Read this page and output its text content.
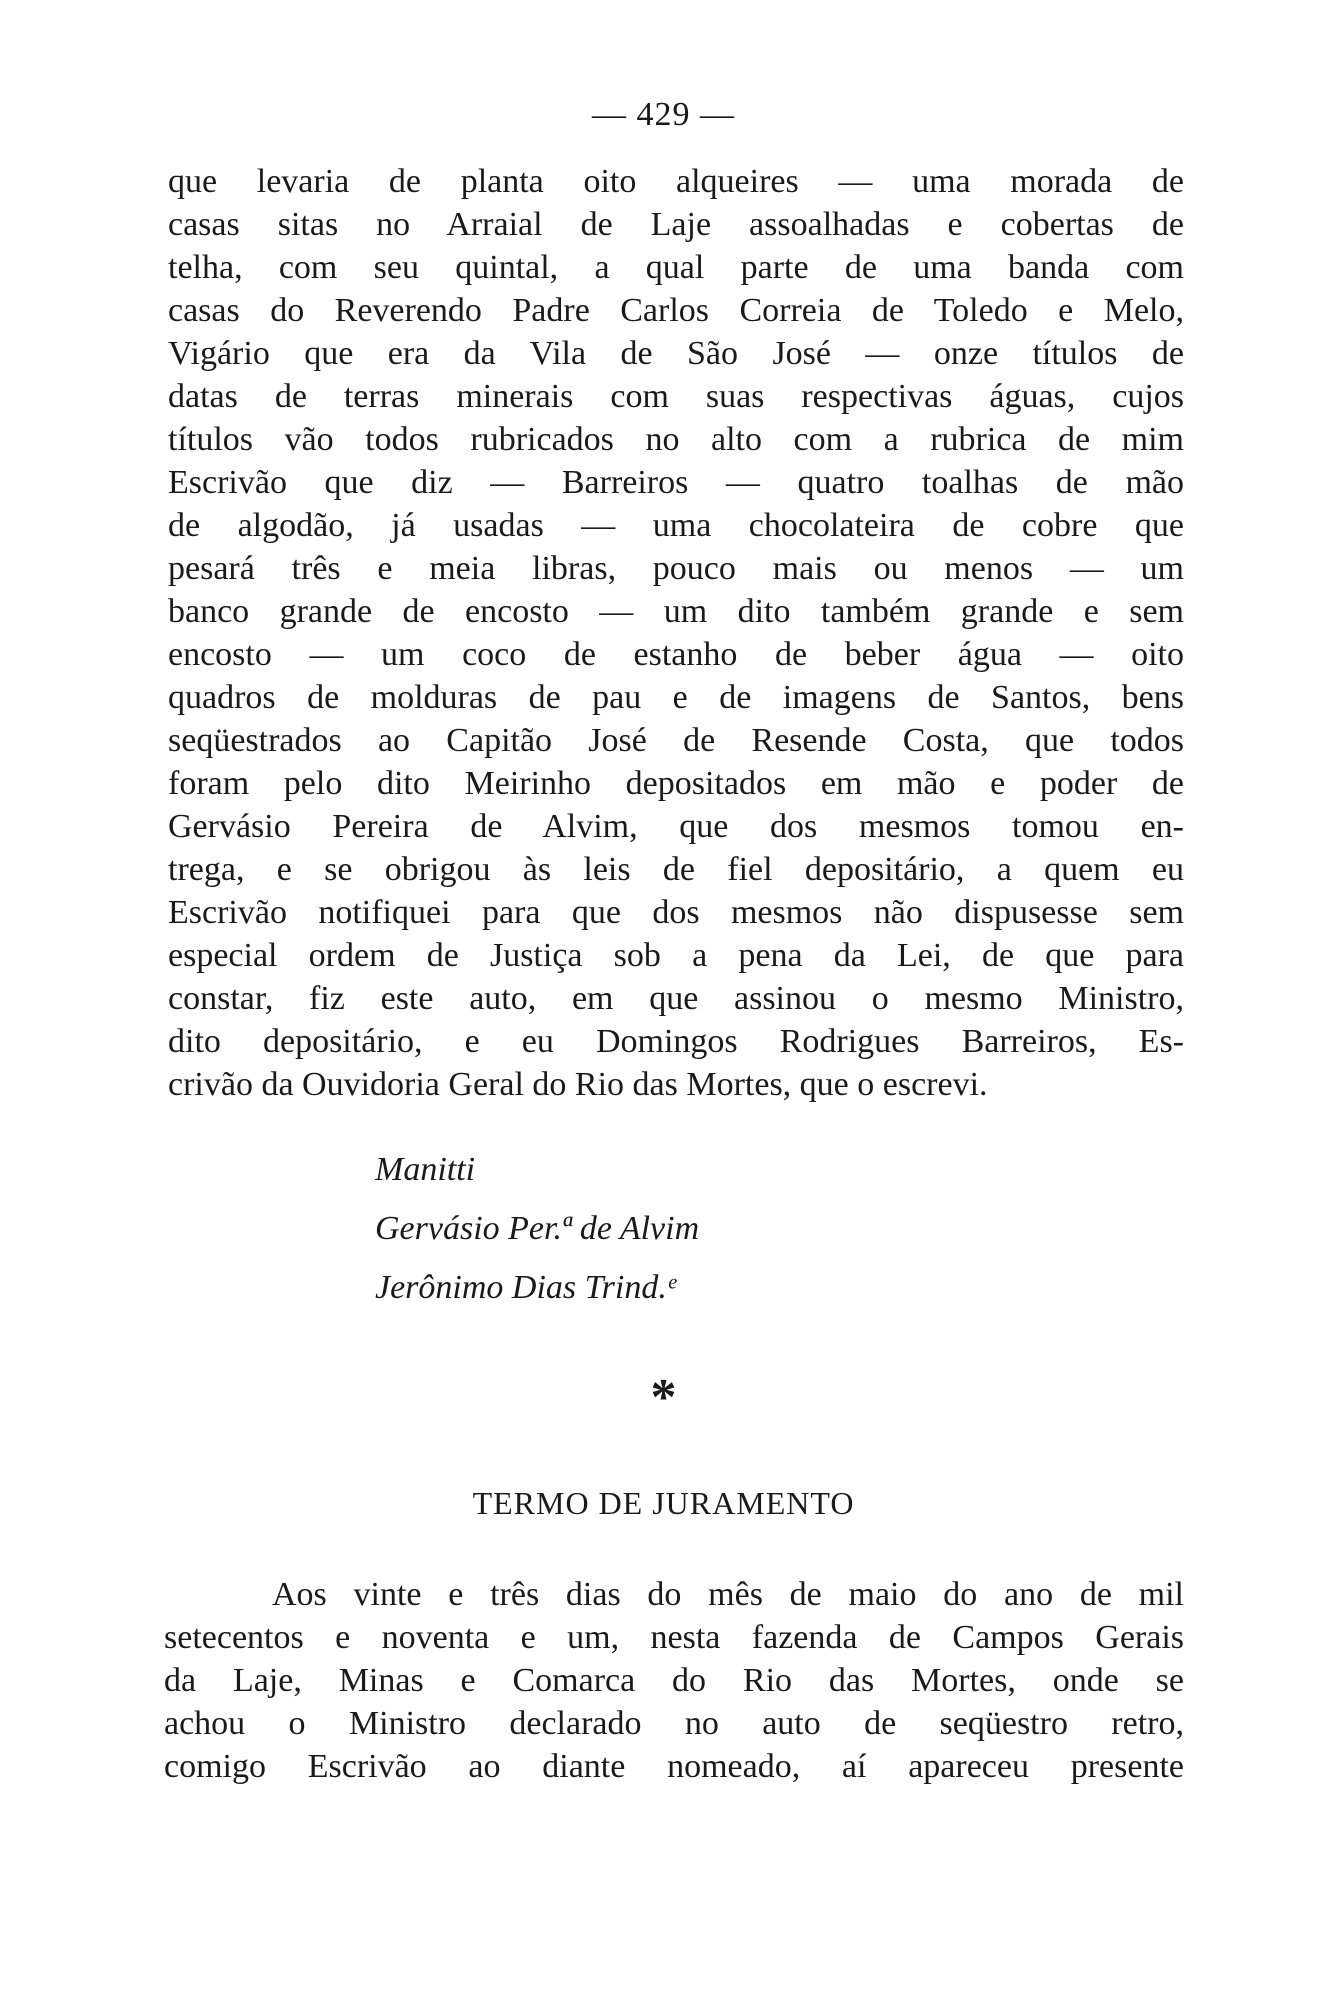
— 429 —
que levaria de planta oito alqueires — uma morada de
casas sitas no Arraial de Laje assoalhadas e cobertas de
telha, com seu quintal, a qual parte de uma banda com
casas do Reverendo Padre Carlos Correia de Toledo e Melo,
Vigário que era da Vila de São José — onze títulos de
datas de terras minerais com suas respectivas águas, cujos
títulos vão todos rubricados no alto com a rubrica de mim
Escrivão que diz — Barreiros — quatro toalhas de mão
de algodão, já usadas — uma chocolateira de cobre que
pesará três e meia libras, pouco mais ou menos — um
banco grande de encosto — um dito também grande e sem
encosto — um coco de estanho de beber água — oito
quadros de molduras de pau e de imagens de Santos, bens
seqüestrados ao Capitão José de Resende Costa, que todos
foram pelo dito Meirinho depositados em mão e poder de
Gervásio Pereira de Alvim, que dos mesmos tomou en-
trega, e se obrigou às leis de fiel depositário, a quem eu
Escrivão notifiquei para que dos mesmos não dispusesse sem
especial ordem de Justiça sob a pena da Lei, de que para
constar, fiz este auto, em que assinou o mesmo Ministro,
dito depositário, e eu Domingos Rodrigues Barreiros, Es-
crivão da Ouvidoria Geral do Rio das Mortes, que o escrevi.
Manitti
Gervásio Per.ª de Alvim
Jerônimo Dias Trind.ᵉ
*
TERMO DE JURAMENTO
Aos vinte e três dias do mês de maio do ano de mil
setecentos e noventa e um, nesta fazenda de Campos Gerais
da Laje, Minas e Comarca do Rio das Mortes, onde se
achou o Ministro declarado no auto de seqüestro retro,
comigo Escrivão ao diante nomeado, aí apareceu presente
